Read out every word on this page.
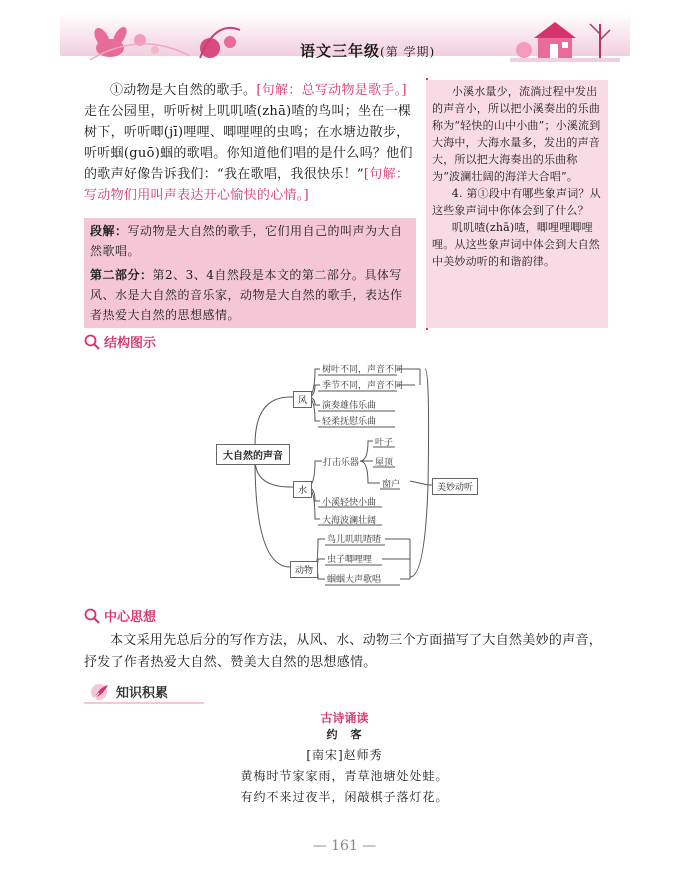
语文三年级(第 学期)

①动物是大自然的歌手。[句解：总写动物是歌手。]走在公园里，听听树上叽叽喳(zhā)喳的鸟叫；坐在一棵树下，听听唧(jī)哩哩、唧哩哩的虫鸣；在水塘边散步，听听蝈(guō)蝈的歌唱。你知道他们唱的是什么吗？他们的歌声好像告诉我们：“我在歌唱，我很快乐！”[句解：写动物们用叫声表达开心愉快的心情。]

段解：写动物是大自然的歌手，它们用自己的叫声为大自然歌唱。
第二部分：第2、3、4自然段是本文的第二部分。具体写风、水是大自然的音乐家，动物是大自然的歌手，表达作者热爱大自然的思想感情。

小溪水量少，流淌过程中发出的声音小，所以把小溪奏出的乐曲称为“轻快的山中小曲”；小溪流到大海中，大海水量多，发出的声音大，所以把大海奏出的乐曲称为“波澜壮阔的海洋大合唱”。

4. 第①段中有哪些象声词？从这些象声词中你体会到了什么？

叽叽喳(zhā)喳，唧哩哩唧哩哩。从这些象声词中体会到大自然中美妙动听的和谐韵律。

结构图示
大自然的声音
风
树叶不同，声音不同
季节不同，声音不同
演奏雄伟乐曲
轻柔抚慰乐曲
水
打击乐器
叶子
屋顶
窗户
小溪轻快小曲
大海波澜壮阔
美妙动听
动物
鸟儿叽叽喳喳
虫子唧哩哩
蝈蝈大声歌唱
中心思想

本文采用先总后分的写作方法，从风、水、动物三个方面描写了大自然美妙的声音，抒发了作者热爱大自然、赞美大自然的思想感情。

知识积累
古诗诵读
约　客
[南宋]赵师秀
黄梅时节家家雨，青草池塘处处蛙。
有约不来过夜半，闲敲棋子落灯花。
— 161 —
